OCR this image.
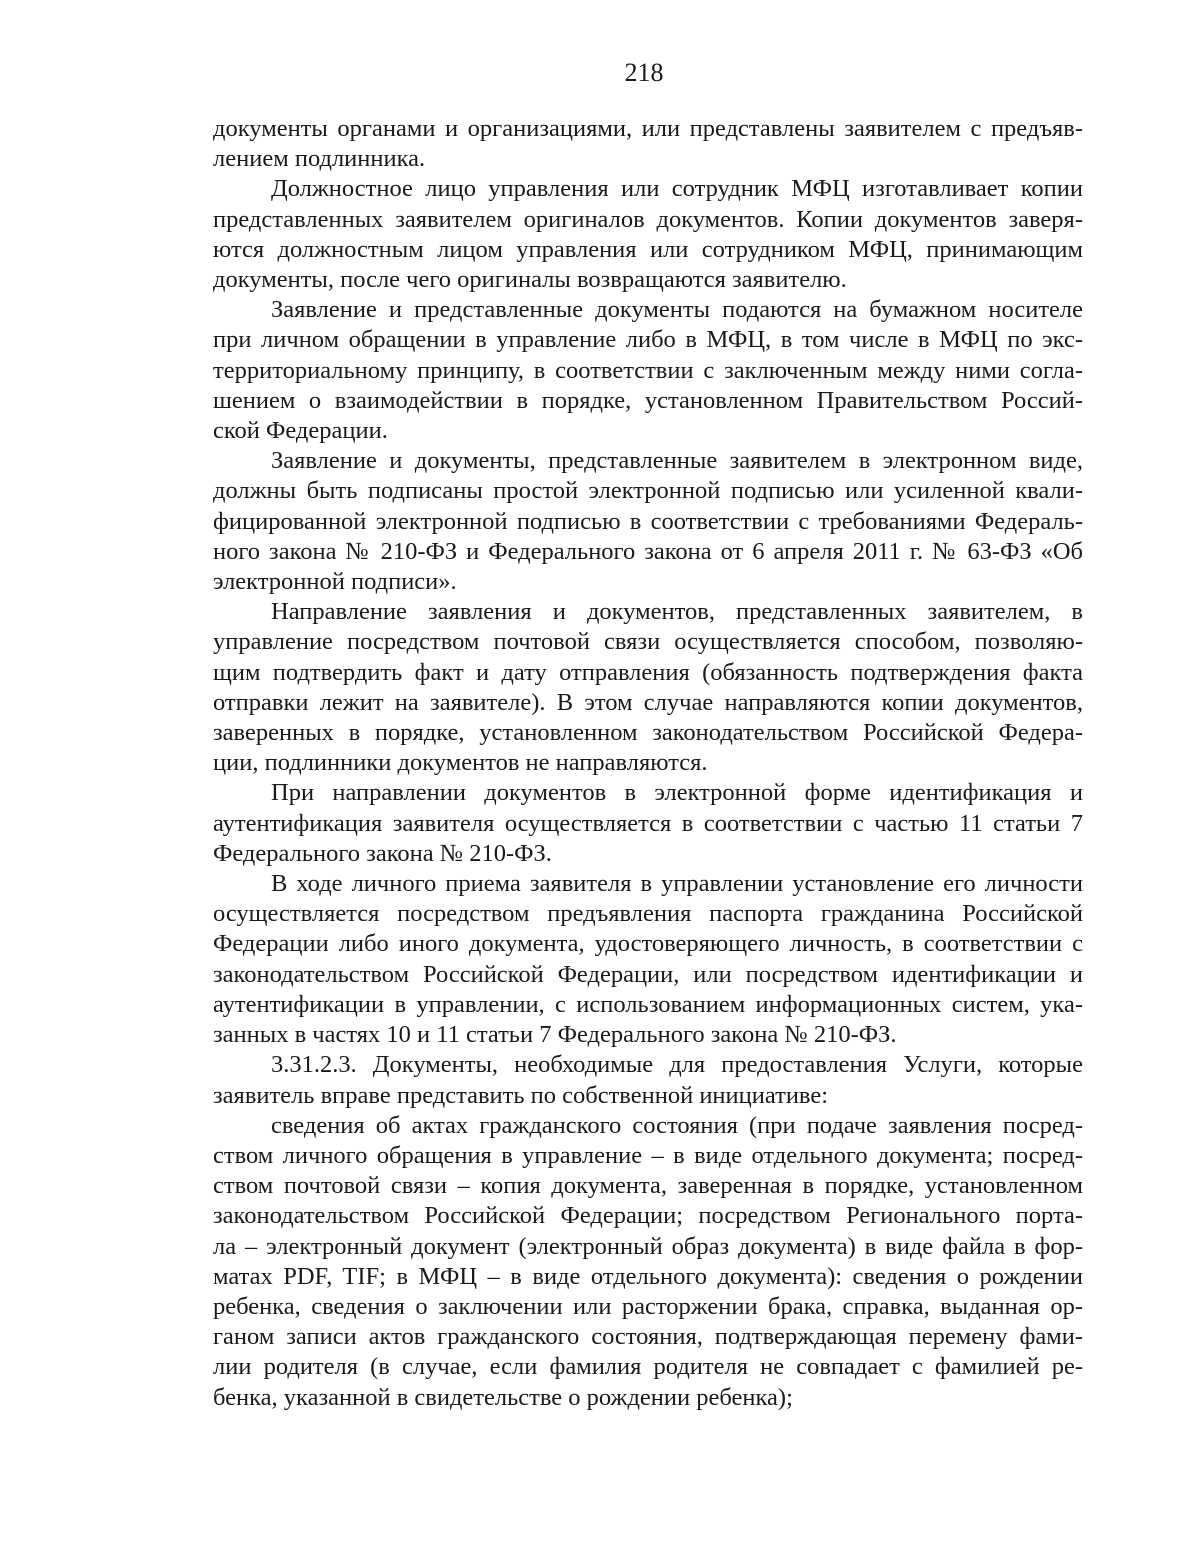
218
документы органами и организациями, или представлены заявителем с предъяв-
лением подлинника.
Должностное лицо управления или сотрудник МФЦ изготавливает копии
представленных заявителем оригиналов документов. Копии документов заверя-
ются должностным лицом управления или сотрудником МФЦ, принимающим
документы, после чего оригиналы возвращаются заявителю.
Заявление и представленные документы подаются на бумажном носителе
при личном обращении в управление либо в МФЦ, в том числе в МФЦ по экс-
территориальному принципу, в соответствии с заключенным между ними согла-
шением о взаимодействии в порядке, установленном Правительством Россий-
ской Федерации.
Заявление и документы, представленные заявителем в электронном виде,
должны быть подписаны простой электронной подписью или усиленной квали-
фицированной электронной подписью в соответствии с требованиями Федераль-
ного закона № 210-ФЗ и Федерального закона от 6 апреля 2011 г. № 63-ФЗ «Об
электронной подписи».
Направление заявления и документов, представленных заявителем, в
управление посредством почтовой связи осуществляется способом, позволяю-
щим подтвердить факт и дату отправления (обязанность подтверждения факта
отправки лежит на заявителе). В этом случае направляются копии документов,
заверенных в порядке, установленном законодательством Российской Федера-
ции, подлинники документов не направляются.
При направлении документов в электронной форме идентификация и
аутентификация заявителя осуществляется в соответствии с частью 11 статьи 7
Федерального закона № 210-ФЗ.
В ходе личного приема заявителя в управлении установление его личности
осуществляется посредством предъявления паспорта гражданина Российской
Федерации либо иного документа, удостоверяющего личность, в соответствии с
законодательством Российской Федерации, или посредством идентификации и
аутентификации в управлении, с использованием информационных систем, ука-
занных в частях 10 и 11 статьи 7 Федерального закона № 210-ФЗ.
3.31.2.3. Документы, необходимые для предоставления Услуги, которые
заявитель вправе представить по собственной инициативе:
сведения об актах гражданского состояния (при подаче заявления посред-
ством личного обращения в управление – в виде отдельного документа; посред-
ством почтовой связи – копия документа, заверенная в порядке, установленном
законодательством Российской Федерации; посредством Регионального порта-
ла – электронный документ (электронный образ документа) в виде файла в фор-
матах PDF, TIF; в МФЦ – в виде отдельного документа): сведения о рождении
ребенка, сведения о заключении или расторжении брака, справка, выданная ор-
ганом записи актов гражданского состояния, подтверждающая перемену фами-
лии родителя (в случае, если фамилия родителя не совпадает с фамилией ре-
бенка, указанной в свидетельстве о рождении ребенка);
